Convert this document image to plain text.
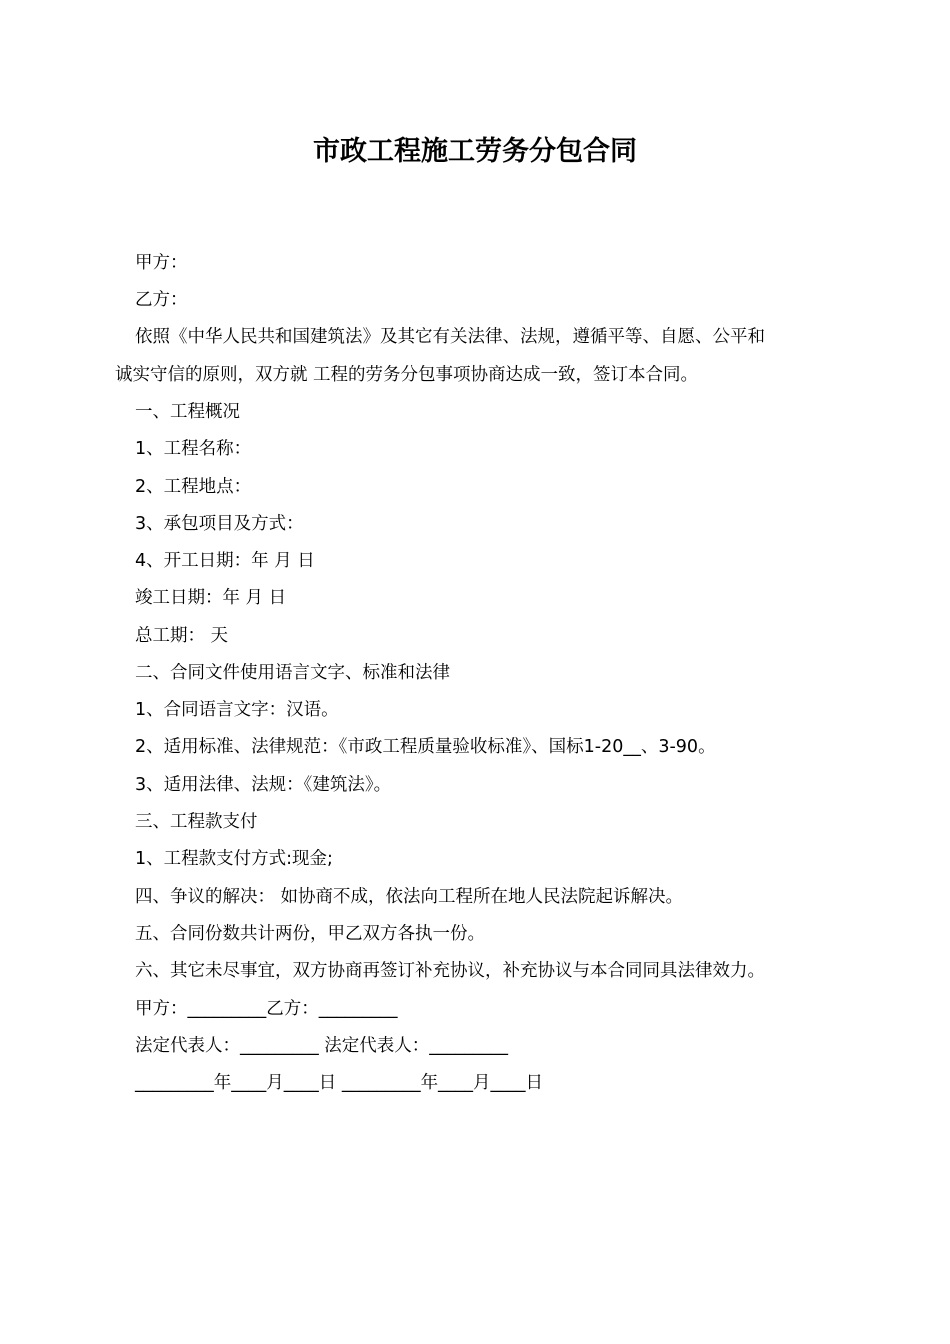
市政工程施工劳务分包合同
甲方：
乙方：
依照《中华人民共和国建筑法》及其它有关法律、法规，遵循平等、自愿、公平和
诚实守信的原则，双方就 工程的劳务分包事项协商达成一致，签订本合同。
一、工程概况
1、工程名称：
2、工程地点：
3、承包项目及方式：
4、开工日期：年 月 日
竣工日期：年 月 日
总工期： 天
二、合同文件使用语言文字、标准和法律
1、合同语言文字：汉语。
2、适用标准、法律规范：《市政工程质量验收标准》、国标1-20__、3-90。
3、适用法律、法规：《建筑法》。
三、工程款支付
1、工程款支付方式:现金;
四、争议的解决： 如协商不成，依法向工程所在地人民法院起诉解决。
五、合同份数共计两份，甲乙双方各执一份。
六、其它未尽事宜，双方协商再签订补充协议，补充协议与本合同同具法律效力。
甲方：_________乙方：_________
法定代表人：_________ 法定代表人：_________
_________年____月____日 _________年____月____日
